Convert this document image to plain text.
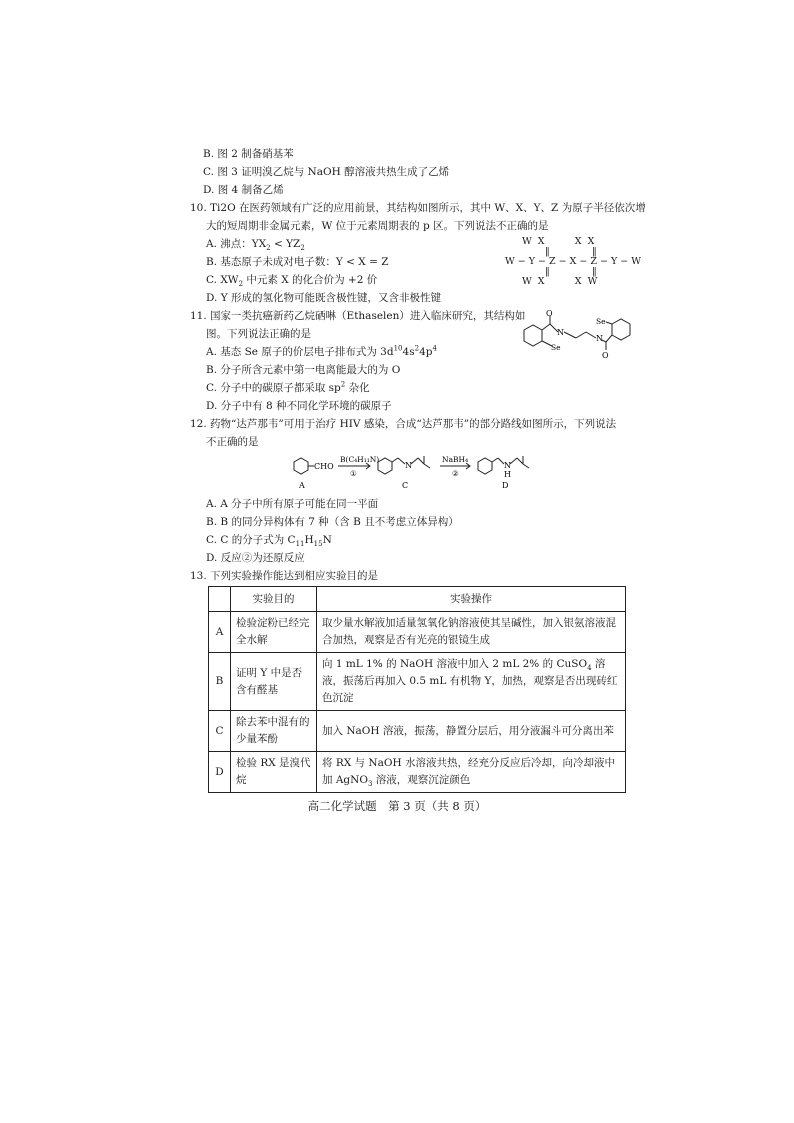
B. 图 2 制备硝基苯
C. 图 3 证明溴乙烷与 NaOH 醇溶液共热生成了乙烯
D. 图 4 制备乙烯
10. Ti2O 在医药领域有广泛的应用前景，其结构如图所示，其中 W、X、Y、Z 为原子半径依次增
大的短周期非金属元素，W 位于元素周期表的 p 区。下列说法不正确的是
A. 沸点：$YX_2 < YZ_2$
B. 基态原子未成对电子数：Y < X = Z
C. $XW_2$ 中元素 X 的化合价为 +2 价
D. Y 形成的氢化物可能既含极性键，又含非极性键

W  X          X  X

‖              ‖

W − Y − Z − X − Z − Y − W

‖              ‖

W  X          X  W

11. 国家一类抗癌新药乙烷硒啉（Ethaselen）进入临床研究，其结构如
图。下列说法正确的是
A. 基态 Se 原子的价层电子排布式为 $3d^{10}4s^24p^4$
B. 分子所含元素中第一电离能最大的为 O
C. 分子中的碳原子都采取 $sp^2$ 杂化
D. 分子中有 8 种不同化学环境的碳原子
O
N
Se
N
Se
O
12. 药物“达芦那韦”可用于治疗 HIV 感染，合成“达芦那韦”的部分路线如图所示，下列说法
不正确的是
CHO
B(C₄H₁₁N)
①
N
NaBH₄
②
N
H
A	C	D
A. A 分子中所有原子可能在同一平面
B. B 的同分异构体有 7 种（含 B 且不考虑立体异构）
C. C 的分子式为 $C_{11}H_{15}N$
D. 反应②为还原反应
13. 下列实验操作能达到相应实验目的是
	实验目的	实验操作
A	检验淀粉已经完全水解	取少量水解液加适量氢氧化钠溶液使其呈碱性，加入银氨溶液混合加热，观察是否有光亮的银镜生成
B	证明 Y 中是否含有醛基	向 1 mL 1% 的 NaOH 溶液中加入 2 mL 2% 的 CuSO$_4$ 溶液，振荡后再加入 0.5 mL 有机物 Y，加热，观察是否出现砖红色沉淀
C	除去苯中混有的少量苯酚	加入 NaOH 溶液，振荡，静置分层后，用分液漏斗可分离出苯
D	检验 RX 是溴代烷	将 RX 与 NaOH 水溶液共热，经充分反应后冷却，向冷却液中加 AgNO$_3$ 溶液，观察沉淀颜色
高二化学试题　第 3 页（共 8 页）
